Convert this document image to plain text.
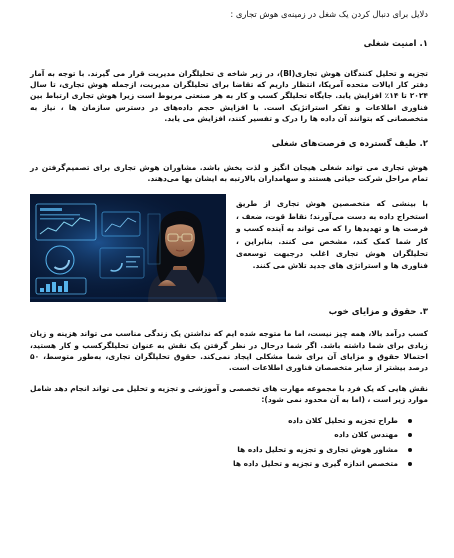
دلایل برای دنبال کردن یک شغل در زمینه‌ی هوش تجاری :

۱. امنیت شغلی

تجزیه و تحلیل کنندگان هوش تجاری(BI)، در زیر شاخه ی تحلیلگران مدیریت قرار می گیرند. با توجه به آمار دفتر کار ایالات متحده آمریکا، انتظار داریم که تقاضا برای تحلیلگران مدیریت، ازجمله هوش تجاری، تا سال ۲۰۲۴ تا ۱۴٪ افزایش یابد. جایگاه تحلیلگر کسب و کار به هر صنعتی مربوط است زیرا هوش تجاری ارتباط بین فناوری اطلاعات و تفکر استراتژیک است. با افزایش حجم داده‌های در دسترس سازمان ها ، نیاز به متخصصانی که بتوانند آن داده ها را درک و تفسیر کنند، افزایش می یابد.

۲. طیف گسترده ی فرصت‌های شغلی

هوش تجاری می تواند شغلی هیجان انگیز و لذت بخش باشد. مشاوران هوش تجاری برای تصمیم‌گرفتن در تمام مراحل شرکت حیاتی هستند و سهامداران بالارتبه به ایشان بها می‌دهند.

با بینشی که متخصصین هوش تجاری از طریق استخراج داده به دست می‌آورند؛ نقاط قوت، ضعف ، فرصت ها و تهدیدها را که می تواند به آینده کسب و کار شما کمک کند، مشخص می کنند. بنابراین ، تحلیلگران هوش تجاری اغلب درجبهت توسعه‌ی فناوری ها و استراتژی های جدید تلاش می کنند.
۳. حقوق و مزایای خوب

کسب درآمد بالا، همه چیز نیست، اما ما متوجه شده ایم که نداشتن یک زندگی مناسب می تواند هزینه و زیان زیادی برای شما داشته باشد. اگر شما درحال در نظر گرفتن یک نقش به عنوان تحلیلگرکسب و کار هستید، احتمالا حقوق و مزایای آن برای شما مشکلی ایجاد نمی‌کند. حقوق تحلیلگران تجاری، به‌طور متوسط، ۵۰ درصد بیشتر از سایر متخصصان فناوری اطلاعات است.

نقش هایی که یک فرد با مجموعه مهارت های تخصصی و آموزشی و تجزیه و تحلیل می تواند انجام دهد شامل موارد زیر است ، (اما به آن محدود نمی شود):

طراح تجزیه و تحلیل کلان داده
مهندس کلان داده
مشاور هوش تجاری و تجزیه و تحلیل داده ها
متخصص اندازه گیری و تجزیه و تحلیل داده ها
